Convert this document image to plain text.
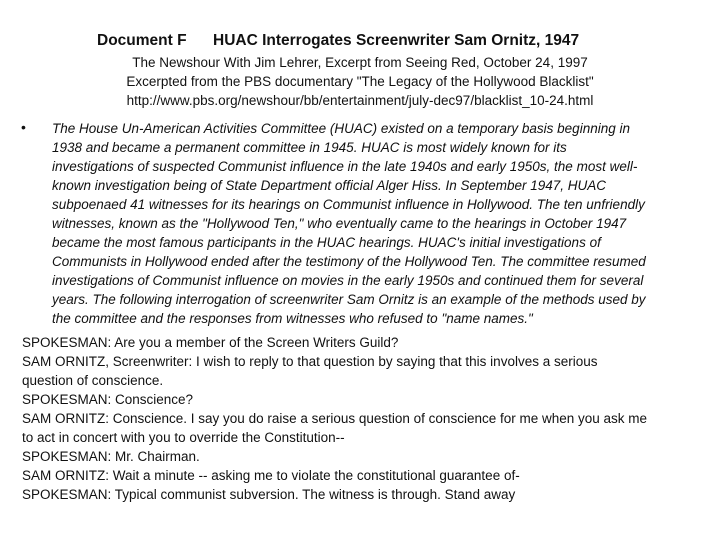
Document F HUAC Interrogates Screenwriter Sam Ornitz, 1947
The Newshour With Jim Lehrer, Excerpt from Seeing Red, October 24, 1997
Excerpted from the PBS documentary "The Legacy of the Hollywood Blacklist"
http://www.pbs.org/newshour/bb/entertainment/july-dec97/blacklist_10-24.html
• The House Un-American Activities Committee (HUAC) existed on a temporary basis beginning in
1938 and became a permanent committee in 1945. HUAC is most widely known for its
investigations of suspected Communist influence in the late 1940s and early 1950s, the most well-
known investigation being of State Department official Alger Hiss. In September 1947, HUAC
subpoenaed 41 witnesses for its hearings on Communist influence in Hollywood. The ten unfriendly
witnesses, known as the "Hollywood Ten," who eventually came to the hearings in October 1947
became the most famous participants in the HUAC hearings. HUAC's initial investigations of
Communists in Hollywood ended after the testimony of the Hollywood Ten. The committee resumed
investigations of Communist influence on movies in the early 1950s and continued them for several
years. The following interrogation of screenwriter Sam Ornitz is an example of the methods used by
the committee and the responses from witnesses who refused to "name names."
SPOKESMAN: Are you a member of the Screen Writers Guild?
SAM ORNITZ, Screenwriter: I wish to reply to that question by saying that this involves a serious
question of conscience.
SPOKESMAN: Conscience?
SAM ORNITZ: Conscience. I say you do raise a serious question of conscience for me when you ask me
to act in concert with you to override the Constitution--
SPOKESMAN: Mr. Chairman.
SAM ORNITZ: Wait a minute -- asking me to violate the constitutional guarantee of-
SPOKESMAN: Typical communist subversion. The witness is through. Stand away
